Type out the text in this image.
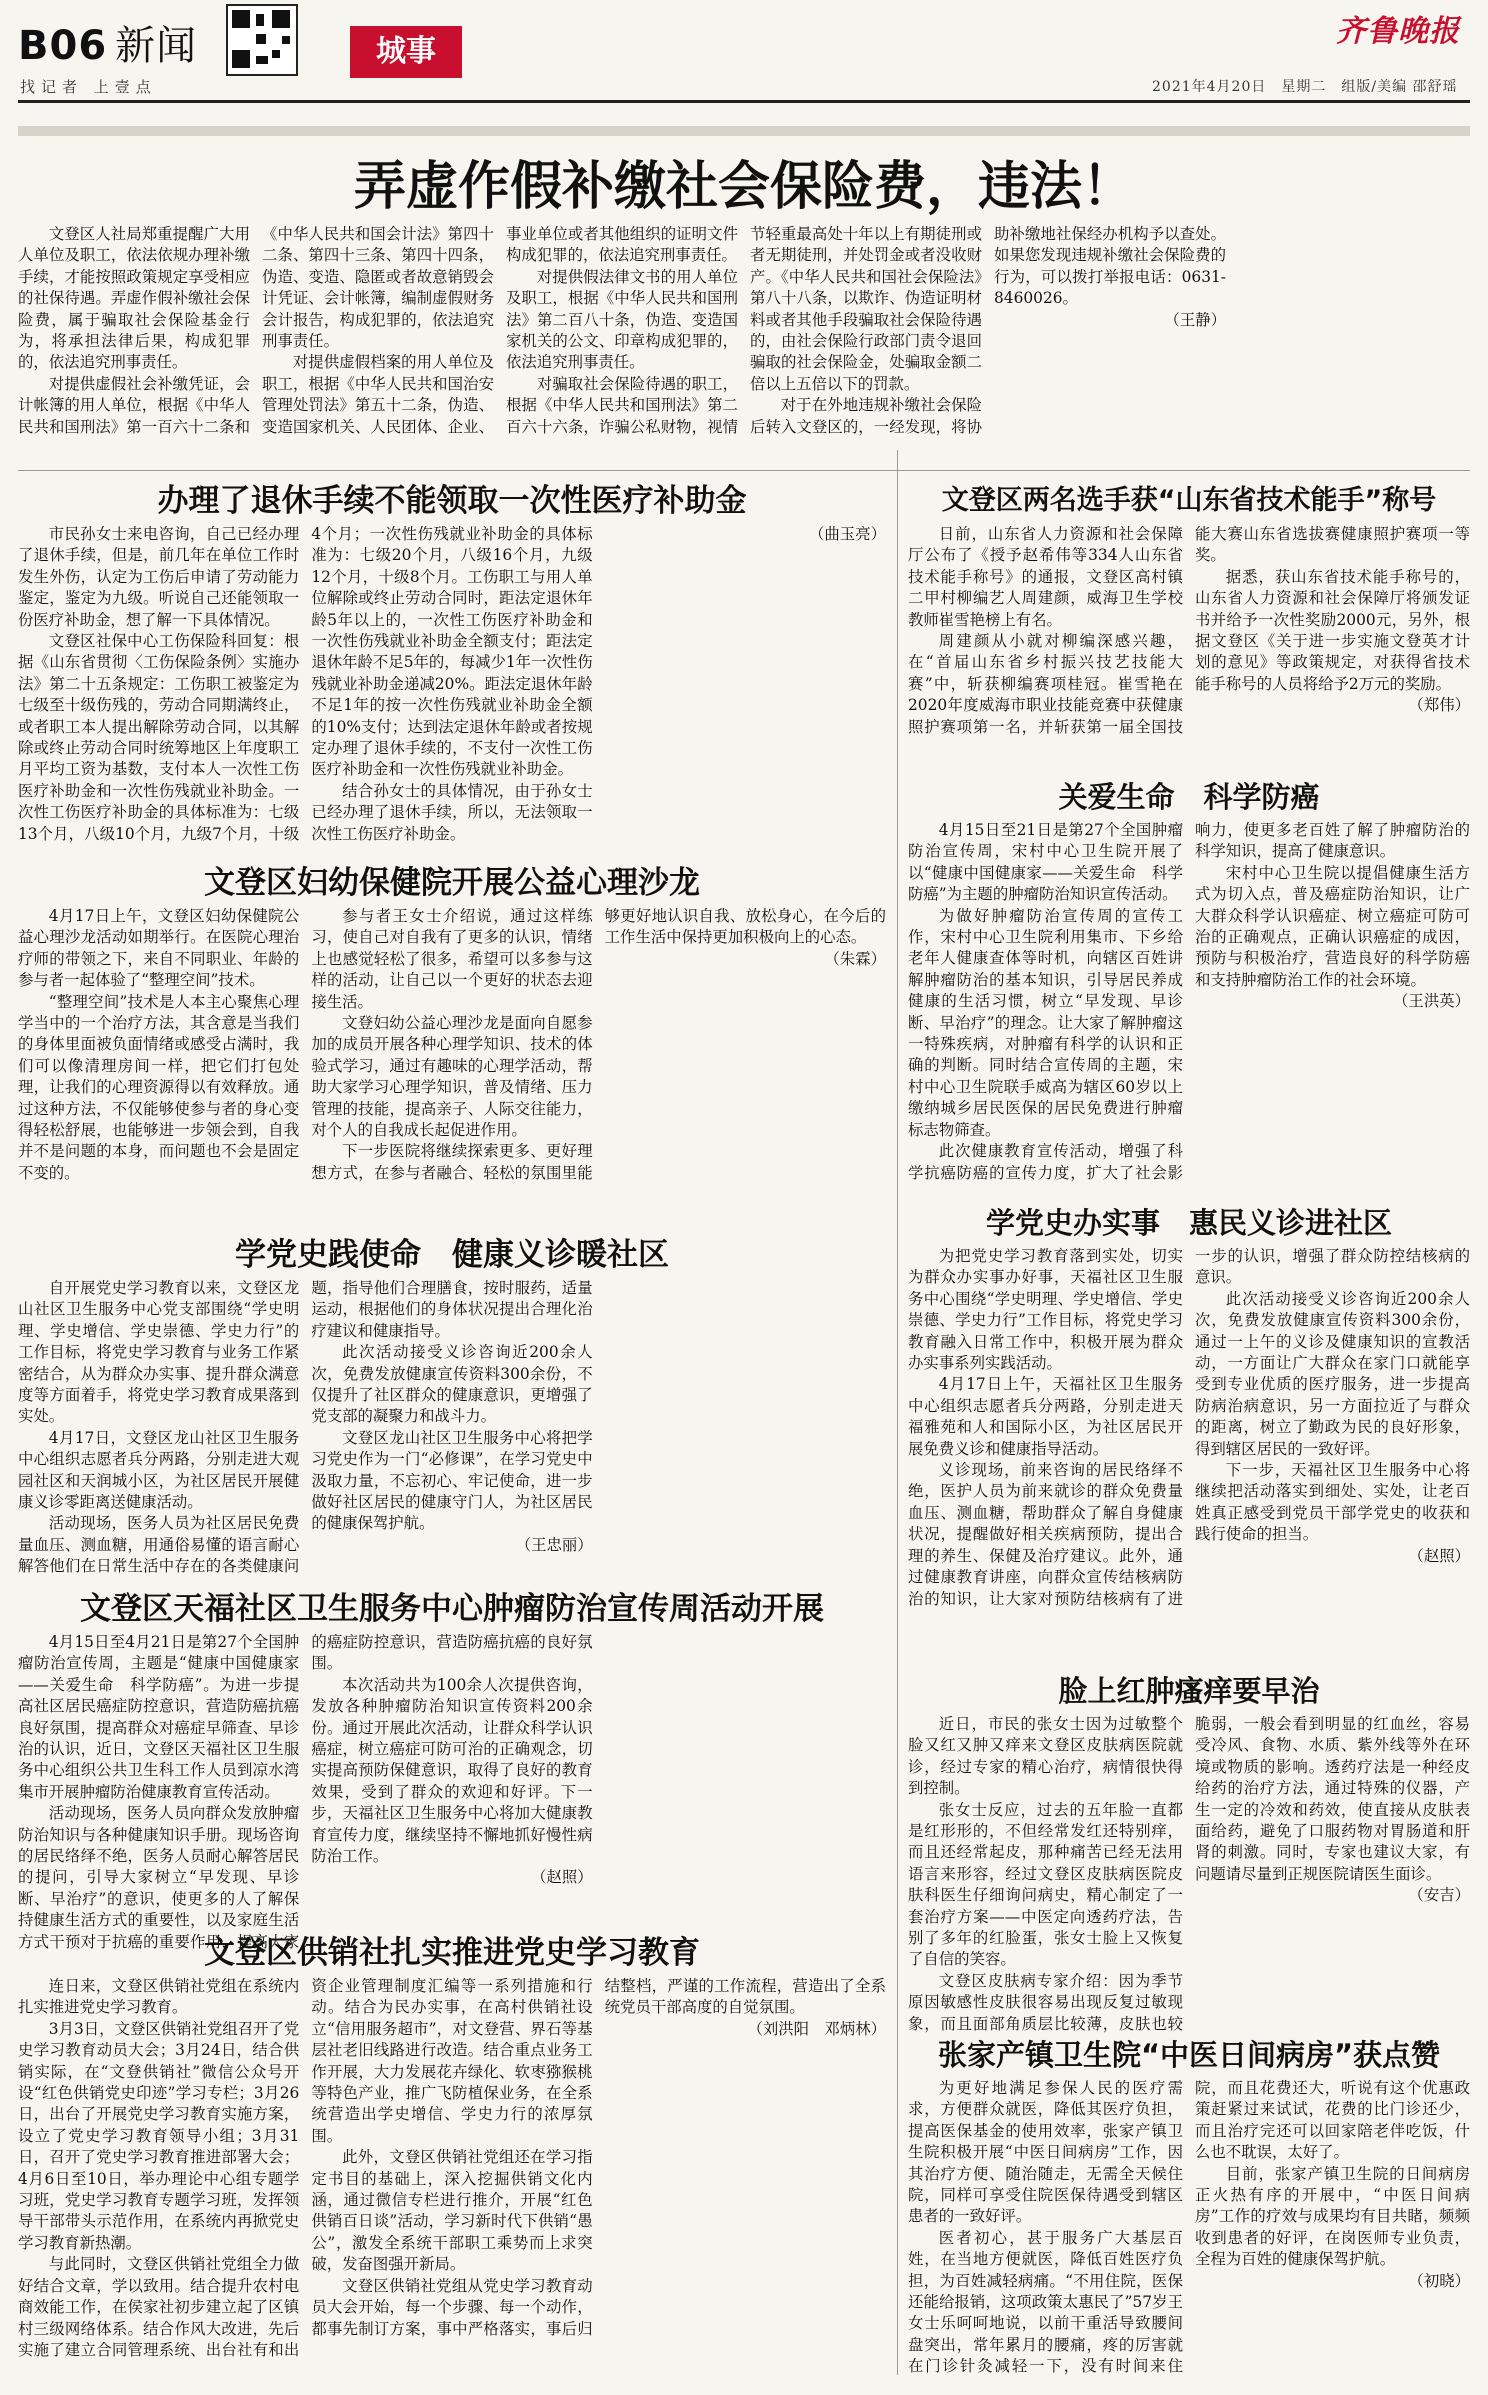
B06 新闻
找记者 上壹点
城事
齐鲁晚报
2021年4月20日　星期二　组版/美编 邵舒瑶
弄虚作假补缴社会保险费，违法！

文登区人社局郑重提醒广大用人单位及职工，依法依规办理补缴手续，才能按照政策规定享受相应的社保待遇。弄虚作假补缴社会保险费，属于骗取社会保险基金行为，将承担法律后果，构成犯罪的，依法追究刑事责任。

对提供虚假社会补缴凭证，会计帐簿的用人单位，根据《中华人民共和国刑法》第一百六十二条和《中华人民共和国会计法》第四十二条、第四十三条、第四十四条，伪造、变造、隐匿或者故意销毁会计凭证、会计帐簿，编制虚假财务会计报告，构成犯罪的，依法追究刑事责任。

对提供虚假档案的用人单位及职工，根据《中华人民共和国治安管理处罚法》第五十二条，伪造、变造国家机关、人民团体、企业、事业单位或者其他组织的证明文件构成犯罪的，依法追究刑事责任。

对提供假法律文书的用人单位及职工，根据《中华人民共和国刑法》第二百八十条，伪造、变造国家机关的公文、印章构成犯罪的，依法追究刑事责任。

对骗取社会保险待遇的职工，根据《中华人民共和国刑法》第二百六十六条，诈骗公私财物，视情节轻重最高处十年以上有期徒刑或者无期徒刑，并处罚金或者没收财产。《中华人民共和国社会保险法》第八十八条，以欺诈、伪造证明材料或者其他手段骗取社会保险待遇的，由社会保险行政部门责令退回骗取的社会保险金，处骗取金额二倍以上五倍以下的罚款。

对于在外地违规补缴社会保险后转入文登区的，一经发现，将协助补缴地社保经办机构予以查处。如果您发现违规补缴社会保险费的行为，可以拨打举报电话：0631-8460026。

（王静）

办理了退休手续不能领取一次性医疗补助金

市民孙女士来电咨询，自己已经办理了退休手续，但是，前几年在单位工作时发生外伤，认定为工伤后申请了劳动能力鉴定，鉴定为九级。听说自己还能领取一份医疗补助金，想了解一下具体情况。

文登区社保中心工伤保险科回复：根据《山东省贯彻〈工伤保险条例〉实施办法》第二十五条规定：工伤职工被鉴定为七级至十级伤残的，劳动合同期满终止，或者职工本人提出解除劳动合同，以其解除或终止劳动合同时统筹地区上年度职工月平均工资为基数，支付本人一次性工伤医疗补助金和一次性伤残就业补助金。一次性工伤医疗补助金的具体标准为：七级13个月，八级10个月，九级7个月，十级4个月；一次性伤残就业补助金的具体标准为：七级20个月，八级16个月，九级12个月，十级8个月。工伤职工与用人单位解除或终止劳动合同时，距法定退休年龄5年以上的，一次性工伤医疗补助金和一次性伤残就业补助金全额支付；距法定退休年龄不足5年的，每减少1年一次性伤残就业补助金递减20%。距法定退休年龄不足1年的按一次性伤残就业补助金全额的10%支付；达到法定退休年龄或者按规定办理了退休手续的，不支付一次性工伤医疗补助金和一次性伤残就业补助金。

结合孙女士的具体情况，由于孙女士已经办理了退休手续，所以，无法领取一次性工伤医疗补助金。

（曲玉亮）

文登区妇幼保健院开展公益心理沙龙

4月17日上午，文登区妇幼保健院公益心理沙龙活动如期举行。在医院心理治疗师的带领之下，来自不同职业、年龄的参与者一起体验了“整理空间”技术。

“整理空间”技术是人本主心聚焦心理学当中的一个治疗方法，其含意是当我们的身体里面被负面情绪或感受占满时，我们可以像清理房间一样，把它们打包处理，让我们的心理资源得以有效释放。通过这种方法，不仅能够使参与者的身心变得轻松舒展，也能够进一步领会到，自我并不是问题的本身，而问题也不会是固定不变的。

参与者王女士介绍说，通过这样练习，使自己对自我有了更多的认识，情绪上也感觉轻松了很多，希望可以多参与这样的活动，让自己以一个更好的状态去迎接生活。

文登妇幼公益心理沙龙是面向自愿参加的成员开展各种心理学知识、技术的体验式学习，通过有趣味的心理学活动，帮助大家学习心理学知识，普及情绪、压力管理的技能，提高亲子、人际交往能力，对个人的自我成长起促进作用。

下一步医院将继续探索更多、更好理想方式，在参与者融合、轻松的氛围里能够更好地认识自我、放松身心，在今后的工作生活中保持更加积极向上的心态。

（朱霖）

学党史践使命　健康义诊暖社区

自开展党史学习教育以来，文登区龙山社区卫生服务中心党支部围绕“学史明理、学史增信、学史崇德、学史力行”的工作目标，将党史学习教育与业务工作紧密结合，从为群众办实事、提升群众满意度等方面着手，将党史学习教育成果落到实处。

4月17日，文登区龙山社区卫生服务中心组织志愿者兵分两路，分别走进大观园社区和天润城小区，为社区居民开展健康义诊零距离送健康活动。

活动现场，医务人员为社区居民免费量血压、测血糖，用通俗易懂的语言耐心解答他们在日常生活中存在的各类健康问题，指导他们合理膳食，按时服药，适量运动，根据他们的身体状况提出合理化治疗建议和健康指导。

此次活动接受义诊咨询近200余人次，免费发放健康宣传资料300余份，不仅提升了社区群众的健康意识，更增强了党支部的凝聚力和战斗力。

文登区龙山社区卫生服务中心将把学习党史作为一门“必修课”，在学习党史中汲取力量，不忘初心、牢记使命，进一步做好社区居民的健康守门人，为社区居民的健康保驾护航。

（王忠丽）

文登区天福社区卫生服务中心肿瘤防治宣传周活动开展

4月15日至4月21日是第27个全国肿瘤防治宣传周，主题是“健康中国健康家——关爱生命　科学防癌”。为进一步提高社区居民癌症防控意识，营造防癌抗癌良好氛围，提高群众对癌症早筛查、早诊治的认识，近日，文登区天福社区卫生服务中心组织公共卫生科工作人员到凉水湾集市开展肿瘤防治健康教育宣传活动。

活动现场，医务人员向群众发放肿瘤防治知识与各种健康知识手册。现场咨询的居民络绎不绝，医务人员耐心解答居民的提问，引导大家树立“早发现、早诊断、早治疗”的意识，使更多的人了解保持健康生活方式的重要性，以及家庭生活方式干预对于抗癌的重要作用，提高大家的癌症防控意识，营造防癌抗癌的良好氛围。

本次活动共为100余人次提供咨询，发放各种肿瘤防治知识宣传资料200余份。通过开展此次活动，让群众科学认识癌症，树立癌症可防可治的正确观念，切实提高预防保健意识，取得了良好的教育效果，受到了群众的欢迎和好评。下一步，天福社区卫生服务中心将加大健康教育宣传力度，继续坚持不懈地抓好慢性病防治工作。

（赵照）

文登区供销社扎实推进党史学习教育

连日来，文登区供销社党组在系统内扎实推进党史学习教育。

3月3日，文登区供销社党组召开了党史学习教育动员大会；3月24日，结合供销实际，在“文登供销社”微信公众号开设“红色供销党史印迹”学习专栏；3月26日，出台了开展党史学习教育实施方案，设立了党史学习教育领导小组；3月31日，召开了党史学习教育推进部署大会；4月6日至10日，举办理论中心组专题学习班，党史学习教育专题学习班，发挥领导干部带头示范作用，在系统内再掀党史学习教育新热潮。

与此同时，文登区供销社党组全力做好结合文章，学以致用。结合提升农村电商效能工作，在侯家社初步建立起了区镇村三级网络体系。结合作风大改进，先后实施了建立合同管理系统、出台社有和出资企业管理制度汇编等一系列措施和行动。结合为民办实事，在高村供销社设立“信用服务超市”，对文登营、界石等基层社老旧线路进行改造。结合重点业务工作开展，大力发展花卉绿化、软枣猕猴桃等特色产业，推广飞防植保业务，在全系统营造出学史增信、学史力行的浓厚氛围。

此外，文登区供销社党组还在学习指定书目的基础上，深入挖掘供销文化内涵，通过微信专栏进行推介，开展“红色供销百日谈”活动，学习新时代下供销“愚公”，激发全系统干部职工乘势而上求突破，发奋图强开新局。

文登区供销社党组从党史学习教育动员大会开始，每一个步骤、每一个动作，都事先制订方案，事中严格落实，事后归结整档，严谨的工作流程，营造出了全系统党员干部高度的自觉氛围。

（刘洪阳　邓炳林）

文登区两名选手获“山东省技术能手”称号

日前，山东省人力资源和社会保障厅公布了《授予赵希伟等334人山东省技术能手称号》的通报，文登区高村镇二甲村柳编艺人周建颜，威海卫生学校教师崔雪艳榜上有名。

周建颜从小就对柳编深感兴趣，在“首届山东省乡村振兴技艺技能大赛”中，斩获柳编赛项桂冠。崔雪艳在2020年度威海市职业技能竞赛中获健康照护赛项第一名，并斩获第一届全国技能大赛山东省选拔赛健康照护赛项一等奖。

据悉，获山东省技术能手称号的，山东省人力资源和社会保障厅将颁发证书并给予一次性奖励2000元，另外，根据文登区《关于进一步实施文登英才计划的意见》等政策规定，对获得省技术能手称号的人员将给予2万元的奖励。

（郑伟）

关爱生命　科学防癌

4月15日至21日是第27个全国肿瘤防治宣传周，宋村中心卫生院开展了以“健康中国健康家——关爱生命　科学防癌”为主题的肿瘤防治知识宣传活动。

为做好肿瘤防治宣传周的宣传工作，宋村中心卫生院利用集市、下乡给老年人健康查体等时机，向辖区百姓讲解肿瘤防治的基本知识，引导居民养成健康的生活习惯，树立“早发现、早诊断、早治疗”的理念。让大家了解肿瘤这一特殊疾病，对肿瘤有科学的认识和正确的判断。同时结合宣传周的主题，宋村中心卫生院联手威高为辖区60岁以上缴纳城乡居民医保的居民免费进行肿瘤标志物筛查。

此次健康教育宣传活动，增强了科学抗癌防癌的宣传力度，扩大了社会影响力，使更多老百姓了解了肿瘤防治的科学知识，提高了健康意识。

宋村中心卫生院以提倡健康生活方式为切入点，普及癌症防治知识，让广大群众科学认识癌症、树立癌症可防可治的正确观点，正确认识癌症的成因，预防与积极治疗，营造良好的科学防癌和支持肿瘤防治工作的社会环境。

（王洪英）

学党史办实事　惠民义诊进社区

为把党史学习教育落到实处，切实为群众办实事办好事，天福社区卫生服务中心围绕“学史明理、学史增信、学史崇德、学史力行”工作目标，将党史学习教育融入日常工作中，积极开展为群众办实事系列实践活动。

4月17日上午，天福社区卫生服务中心组织志愿者兵分两路，分别走进天福雅苑和人和国际小区，为社区居民开展免费义诊和健康指导活动。

义诊现场，前来咨询的居民络绎不绝，医护人员为前来就诊的群众免费量血压、测血糖，帮助群众了解自身健康状况，提醒做好相关疾病预防，提出合理的养生、保健及治疗建议。此外，通过健康教育讲座，向群众宣传结核病防治的知识，让大家对预防结核病有了进一步的认识，增强了群众防控结核病的意识。

此次活动接受义诊咨询近200余人次，免费发放健康宣传资料300余份，通过一上午的义诊及健康知识的宣教活动，一方面让广大群众在家门口就能享受到专业优质的医疗服务，进一步提高防病治病意识，另一方面拉近了与群众的距离，树立了勤政为民的良好形象，得到辖区居民的一致好评。

下一步，天福社区卫生服务中心将继续把活动落实到细处、实处，让老百姓真正感受到党员干部学党史的收获和践行使命的担当。

（赵照）

脸上红肿瘙痒要早治

近日，市民的张女士因为过敏整个脸又红又肿又痒来文登区皮肤病医院就诊，经过专家的精心治疗，病情很快得到控制。

张女士反应，过去的五年脸一直都是红形形的，不但经常发红还特别痒，而且还经常起皮，那种痛苦已经无法用语言来形容，经过文登区皮肤病医院皮肤科医生仔细询问病史，精心制定了一套治疗方案——中医定向透药疗法，告别了多年的红脸蛋，张女士脸上又恢复了自信的笑容。

文登区皮肤病专家介绍：因为季节原因敏感性皮肤很容易出现反复过敏现象，而且面部角质层比较薄，皮肤也较脆弱，一般会看到明显的红血丝，容易受冷风、食物、水质、紫外线等外在环境或物质的影响。透药疗法是一种经皮给药的治疗方法，通过特殊的仪器，产生一定的冷效和药效，使直接从皮肤表面给药，避免了口服药物对胃肠道和肝肾的刺激。同时，专家也建议大家，有问题请尽量到正规医院请医生面诊。

（安吉）

张家产镇卫生院“中医日间病房”获点赞

为更好地满足参保人民的医疗需求，方便群众就医，降低其医疗负担，提高医保基金的使用效率，张家产镇卫生院积极开展“中医日间病房”工作，因其治疗方便、随治随走，无需全天候住院，同样可享受住院医保待遇受到辖区患者的一致好评。

医者初心，甚于服务广大基层百姓，在当地方便就医，降低百姓医疗负担，为百姓减轻病痛。“不用住院，医保还能给报销，这项政策太惠民了”57岁王女士乐呵呵地说，以前干重活导致腰间盘突出，常年累月的腰痛，疼的厉害就在门诊针灸减轻一下，没有时间来住院，而且花费还大，听说有这个优惠政策赶紧过来试试，花费的比门诊还少，而且治疗完还可以回家陪老伴吃饭，什么也不耽误，太好了。

目前，张家产镇卫生院的日间病房正火热有序的开展中，“中医日间病房”工作的疗效与成果均有目共睹，频频收到患者的好评，在岗医师专业负责，全程为百姓的健康保驾护航。

（初晓）
